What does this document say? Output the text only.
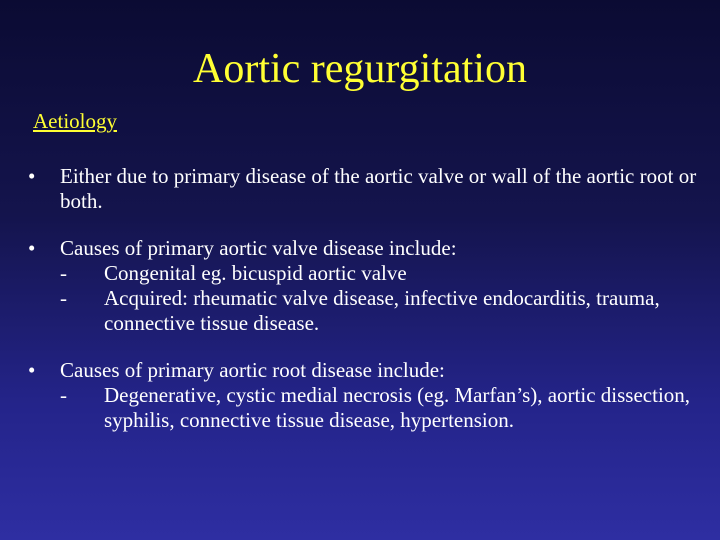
Aortic regurgitation
Aetiology
•	Either due to primary disease of the aortic valve or wall of the aortic root or both.
•	Causes of primary aortic valve disease include:
-	Congenital eg. bicuspid aortic valve
-	Acquired: rheumatic valve disease, infective endocarditis, trauma, connective tissue disease.
•	Causes of primary aortic root disease include:
-	Degenerative, cystic medial necrosis (eg. Marfan’s), aortic dissection, syphilis, connective tissue disease, hypertension.
